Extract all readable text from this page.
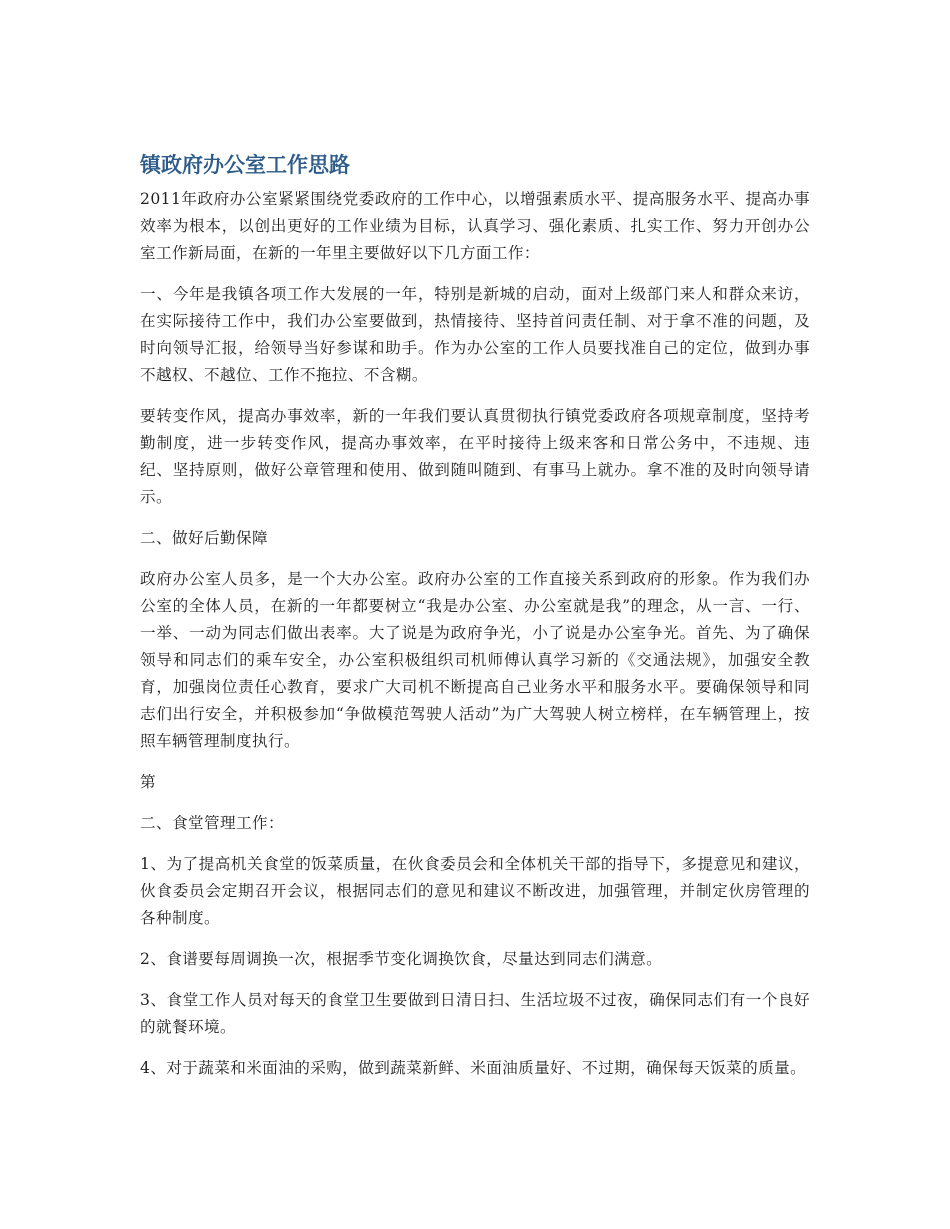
镇政府办公室工作思路

2011年政府办公室紧紧围绕党委政府的工作中心，以增强素质水平、提高服务水平、提高办事效率为根本，以创出更好的工作业绩为目标，认真学习、强化素质、扎实工作、努力开创办公室工作新局面，在新的一年里主要做好以下几方面工作：

一、今年是我镇各项工作大发展的一年，特别是新城的启动，面对上级部门来人和群众来访，在实际接待工作中，我们办公室要做到，热情接待、坚持首问责任制、对于拿不准的问题，及时向领导汇报，给领导当好参谋和助手。作为办公室的工作人员要找准自己的定位，做到办事不越权、不越位、工作不拖拉、不含糊。

要转变作风，提高办事效率，新的一年我们要认真贯彻执行镇党委政府各项规章制度，坚持考勤制度，进一步转变作风，提高办事效率，在平时接待上级来客和日常公务中，不违规、违纪、坚持原则，做好公章管理和使用、做到随叫随到、有事马上就办。拿不准的及时向领导请示。

二、做好后勤保障

政府办公室人员多，是一个大办公室。政府办公室的工作直接关系到政府的形象。作为我们办公室的全体人员，在新的一年都要树立“我是办公室、办公室就是我”的理念，从一言、一行、一举、一动为同志们做出表率。大了说是为政府争光，小了说是办公室争光。首先、为了确保领导和同志们的乘车安全，办公室积极组织司机师傅认真学习新的《交通法规》，加强安全教育，加强岗位责任心教育，要求广大司机不断提高自己业务水平和服务水平。要确保领导和同志们出行安全，并积极参加“争做模范驾驶人活动”为广大驾驶人树立榜样，在车辆管理上，按照车辆管理制度执行。

第

二、食堂管理工作：

1、为了提高机关食堂的饭菜质量，在伙食委员会和全体机关干部的指导下，多提意见和建议，伙食委员会定期召开会议，根据同志们的意见和建议不断改进，加强管理，并制定伙房管理的各种制度。

2、食谱要每周调换一次，根据季节变化调换饮食，尽量达到同志们满意。

3、食堂工作人员对每天的食堂卫生要做到日清日扫、生活垃圾不过夜，确保同志们有一个良好的就餐环境。

4、对于蔬菜和米面油的采购，做到蔬菜新鲜、米面油质量好、不过期，确保每天饭菜的质量。
